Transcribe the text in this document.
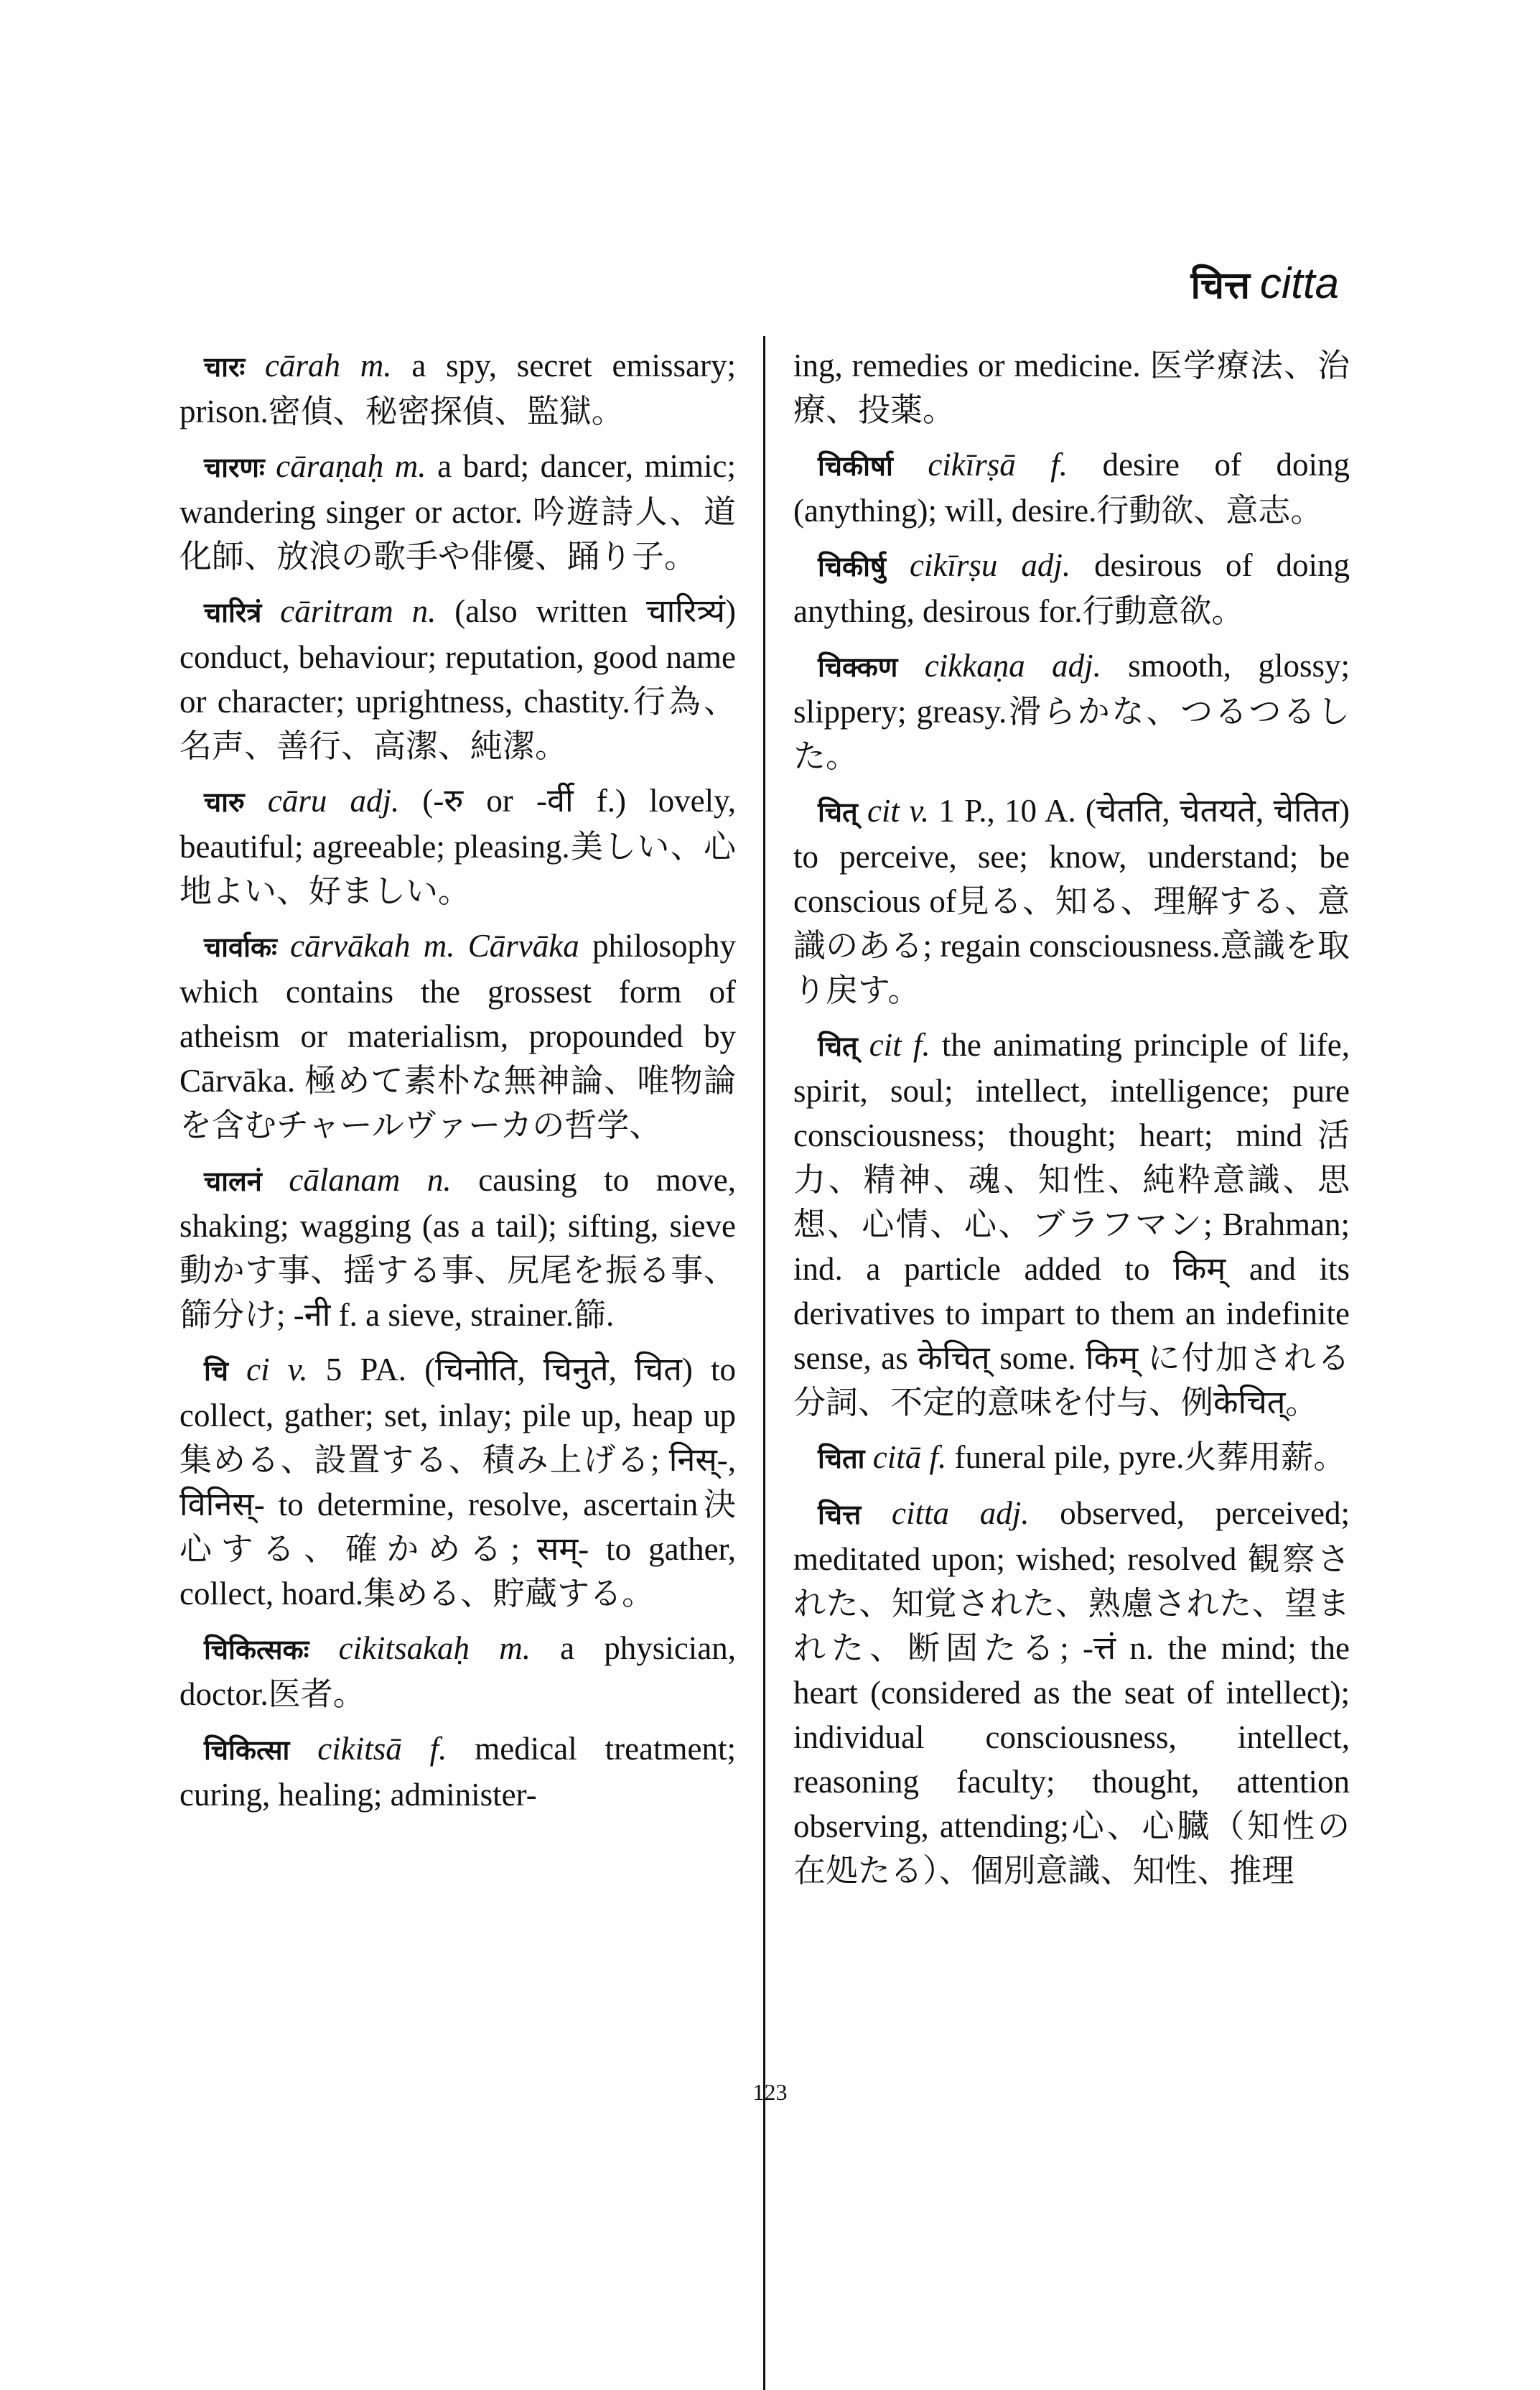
चित्त citta

चारः cārah m. a spy, secret emissary; prison.密偵、秘密探偵、監獄。

चारणः cāraṇaḥ m. a bard; dancer, mimic; wandering singer or actor. 吟遊詩人、道化師、放浪の歌手や俳優、踊り子。

चारित्रं cāritram n. (also written चारित्र्यं) conduct, behaviour; reputation, good name or character; uprightness, chastity.行為、名声、善行、高潔、純潔。

चारु cāru adj. (-रु or -र्वी f.) lovely, beautiful; agreeable; pleasing.美しい、心地よい、好ましい。

चार्वाकः cārvākah m. Cārvāka philosophy which contains the grossest form of atheism or materialism, propounded by Cārvāka. 極めて素朴な無神論、唯物論を含むチャールヴァーカの哲学、

चालनं cālanam n. causing to move, shaking; wagging (as a tail); sifting, sieve動かす事、揺する事、尻尾を振る事、篩分け; -नी f. a sieve, strainer.篩.

चि ci v. 5 PA. (चिनोति, चिनुते, चित) to collect, gather; set, inlay; pile up, heap up集める、設置する、積み上げる; निस्-, विनिस्- to determine, resolve, ascertain決心する、確かめる; सम्- to gather, collect, hoard.集める、貯蔵する。

चिकित्सकः cikitsakaḥ m. a physician, doctor.医者。

चिकित्सा cikitsā f. medical treatment; curing, healing; administer-

ing, remedies or medicine. 医学療法、治療、投薬。

चिकीर्षा cikīrṣā f. desire of doing (anything); will, desire.行動欲、意志。

चिकीर्षु cikīrṣu adj. desirous of doing anything, desirous for.行動意欲。

चिक्कण cikkaṇa adj. smooth, glossy; slippery; greasy.滑らかな、つるつるした。

चित् cit v. 1 P., 10 A. (चेतति, चेतयते, चेतित) to perceive, see; know, understand; be conscious of見る、知る、理解する、意識のある; regain consciousness.意識を取り戻す。

चित् cit f. the animating principle of life, spirit, soul; intellect, intelligence; pure consciousness; thought; heart; mind活力、精神、魂、知性、純粋意識、思想、心情、心、ブラフマン; Brahman; ind. a particle added to किम् and its derivatives to impart to them an indefinite sense, as केचित् some. किम् に付加される分詞、不定的意味を付与、例केचित्。

चिता citā f. funeral pile, pyre.火葬用薪。

चित्त citta adj. observed, perceived; meditated upon; wished; resolved 観察された、知覚された、熟慮された、望まれた、断固たる; -त्तं n. the mind; the heart (considered as the seat of intellect); individual consciousness, intellect, reasoning faculty; thought, attention observing, attending;心、心臓（知性の在処たる）、個別意識、知性、推理

123
